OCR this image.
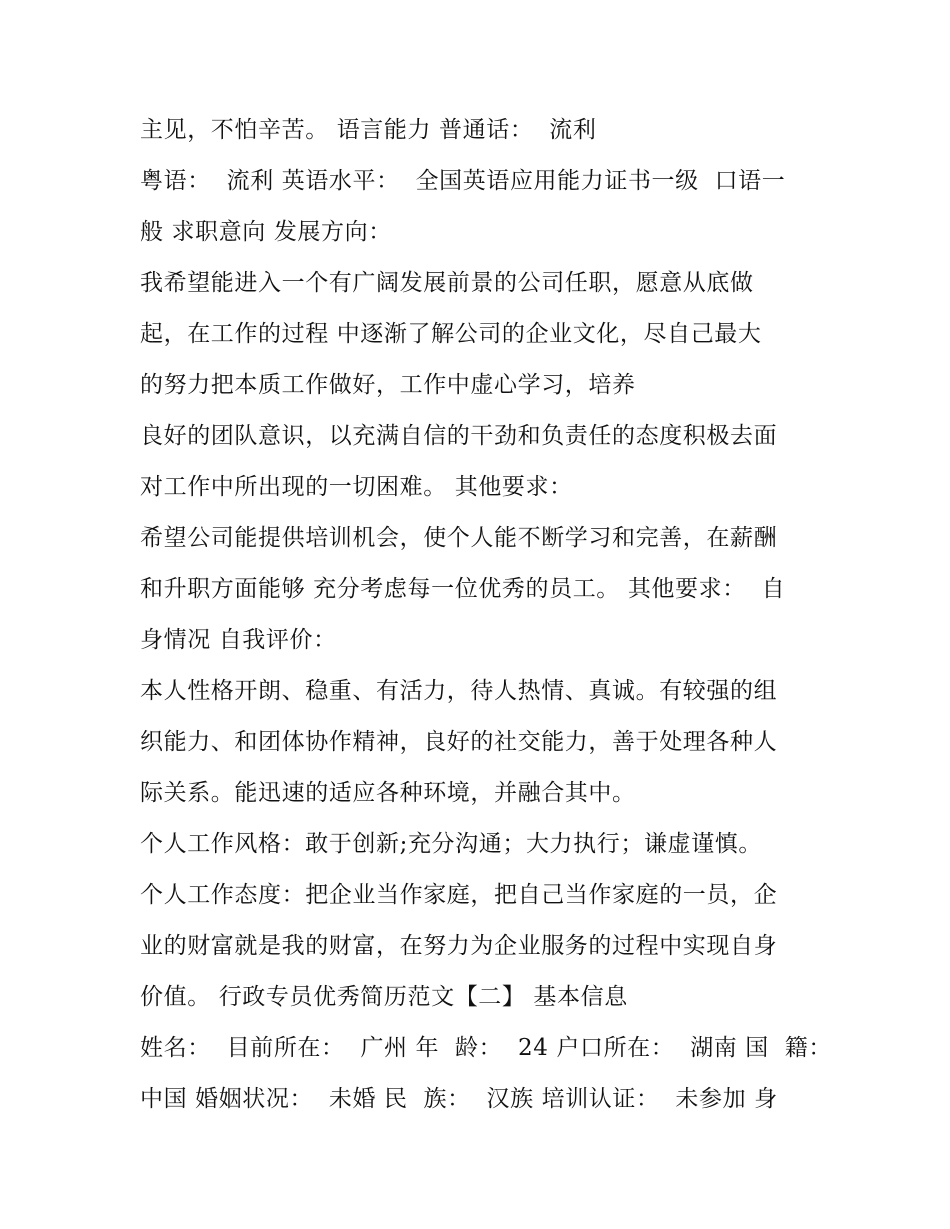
主见，不怕辛苦。 语言能力 普通话：  流利
粤语：  流利 英语水平：  全国英语应用能力证书一级  口语一
般 求职意向 发展方向：
我希望能进入一个有广阔发展前景的公司任职，愿意从底做
起，在工作的过程 中逐渐了解公司的企业文化，尽自己最大
的努力把本质工作做好，工作中虚心学习，培养
良好的团队意识，以充满自信的干劲和负责任的态度积极去面
对工作中所出现的一切困难。 其他要求：
希望公司能提供培训机会，使个人能不断学习和完善，在薪酬
和升职方面能够 充分考虑每一位优秀的员工。 其他要求：  自
身情况 自我评价：
本人性格开朗、稳重、有活力，待人热情、真诚。有较强的组
织能力、和团体协作精神，良好的社交能力，善于处理各种人
际关系。能迅速的适应各种环境，并融合其中。
个人工作风格：敢于创新;充分沟通；大力执行；谦虚谨慎。
个人工作态度：把企业当作家庭，把自己当作家庭的一员，企
业的财富就是我的财富，在努力为企业服务的过程中实现自身
价值。 行政专员优秀简历范文【二】 基本信息
姓名：  目前所在：  广州 年  龄：  24 户口所在：  湖南 国  籍：
中国 婚姻状况：  未婚 民  族：  汉族 培训认证：  未参加 身
